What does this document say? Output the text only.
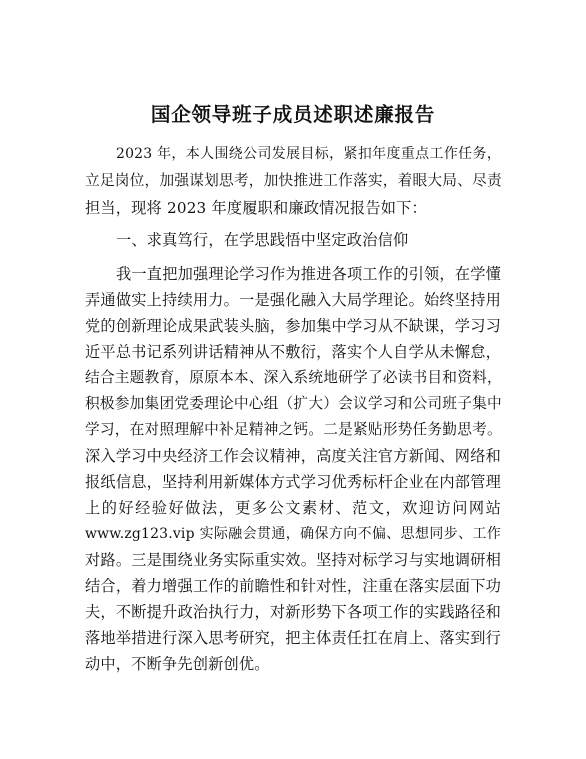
国企领导班子成员述职述廉报告
2023 年，本人围绕公司发展目标，紧扣年度重点工作任务，
立足岗位，加强谋划思考，加快推进工作落实，着眼大局、尽责
担当，现将 2023 年度履职和廉政情况报告如下：
一、求真笃行，在学思践悟中坚定政治信仰
我一直把加强理论学习作为推进各项工作的引领，在学懂
弄通做实上持续用力。一是强化融入大局学理论。始终坚持用
党的创新理论成果武装头脑，参加集中学习从不缺课，学习习
近平总书记系列讲话精神从不敷衍，落实个人自学从未懈怠，
结合主题教育，原原本本、深入系统地研学了必读书目和资料，
积极参加集团党委理论中心组（扩大）会议学习和公司班子集中
学习，在对照理解中补足精神之钙。二是紧贴形势任务勤思考。
深入学习中央经济工作会议精神，高度关注官方新闻、网络和
报纸信息，坚持利用新媒体方式学习优秀标杆企业在内部管理
上的好经验好做法，更多公文素材、范文，欢迎访问网站
www.zg123.vip 实际融会贯通，确保方向不偏、思想同步、工作
对路。三是围绕业务实际重实效。坚持对标学习与实地调研相
结合，着力增强工作的前瞻性和针对性，注重在落实层面下功
夫，不断提升政治执行力，对新形势下各项工作的实践路径和
落地举措进行深入思考研究，把主体责任扛在肩上、落实到行
动中，不断争先创新创优。
